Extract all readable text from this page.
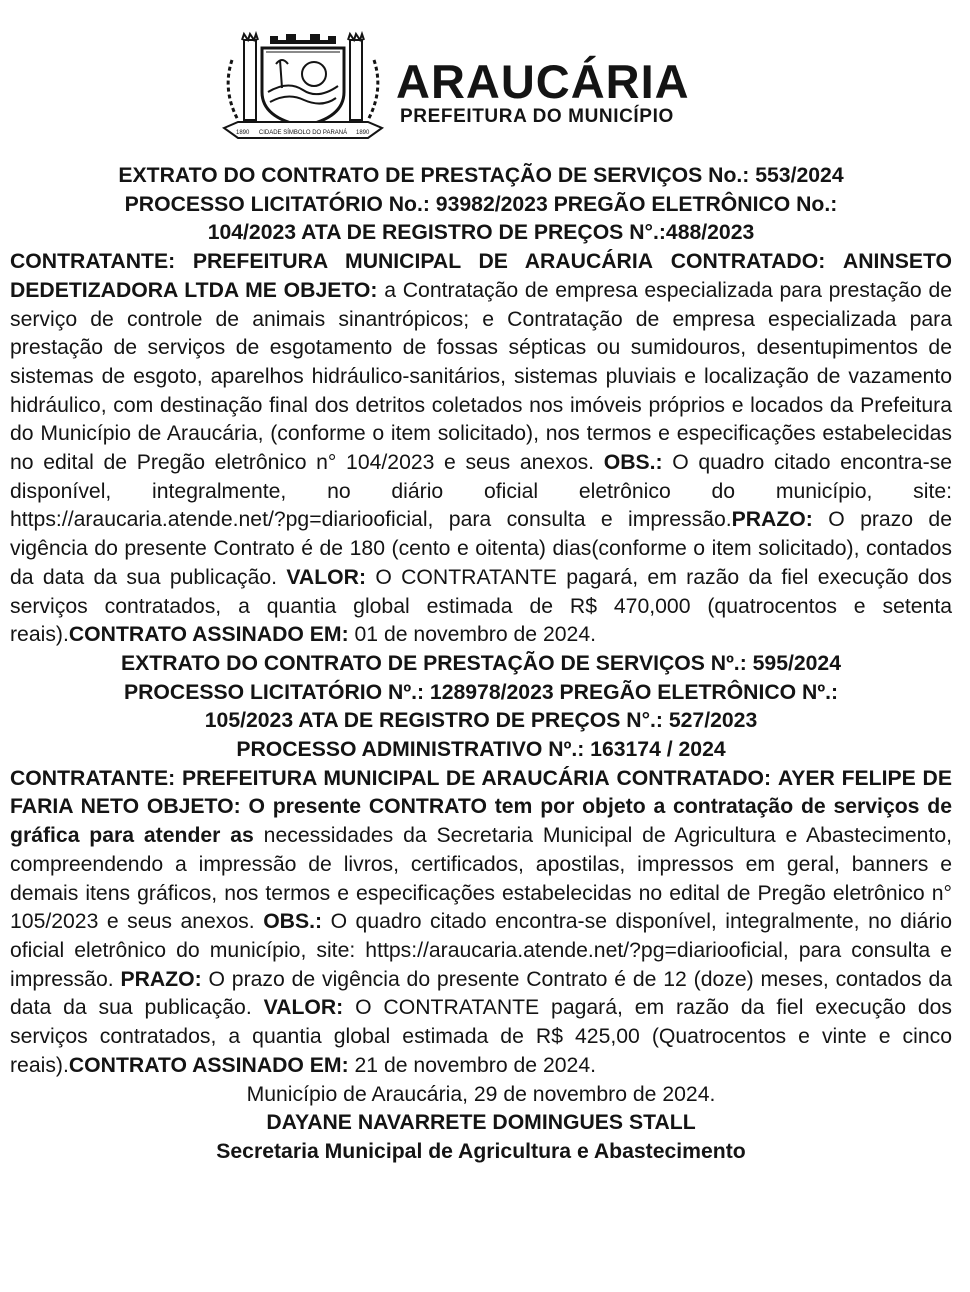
1890 CIDADE SÍMBOLO DO PARANÁ 1890
ARAUCÁRIA
PREFEITURA DO MUNICÍPIO

EXTRATO DO CONTRATO DE PRESTAÇÃO DE SERVIÇOS No.: 553/2024

PROCESSO LICITATÓRIO No.: 93982/2023 PREGÃO ELETRÔNICO No.:

104/2023 ATA DE REGISTRO DE PREÇOS N°.:488/2023

CONTRATANTE: PREFEITURA MUNICIPAL DE ARAUCÁRIA CONTRATADO: ANINSETO DEDETIZADORA LTDA ME OBJETO: a Contratação de empresa especializada para prestação de serviço de controle de animais sinantrópicos; e Contratação de empresa especializada para prestação de serviços de esgotamento de fossas sépticas ou sumidouros, desentupimentos de sistemas de esgoto, aparelhos hidráulico-sanitários, sistemas pluviais e localização de vazamento hidráulico, com destinação final dos detritos coletados nos imóveis próprios e locados da Prefeitura do Município de Araucária, (conforme o item solicitado), nos termos e especificações estabelecidas no edital de Pregão eletrônico n° 104/2023 e seus anexos. OBS.: O quadro citado encontra-se disponível, integralmente, no diário oficial eletrônico do município, site: https://araucaria.atende.net/?pg=diariooficial, para consulta e impressão.PRAZO: O prazo de vigência do presente Contrato é de 180 (cento e oitenta) dias(conforme o item solicitado), contados da data da sua publicação. VALOR: O CONTRATANTE pagará, em razão da fiel execução dos serviços contratados, a quantia global estimada de R$ 470,000 (quatrocentos e setenta reais).CONTRATO ASSINADO EM: 01 de novembro de 2024.

EXTRATO DO CONTRATO DE PRESTAÇÃO DE SERVIÇOS Nº.: 595/2024

PROCESSO LICITATÓRIO Nº.: 128978/2023 PREGÃO ELETRÔNICO Nº.:

105/2023 ATA DE REGISTRO DE PREÇOS N°.: 527/2023

PROCESSO ADMINISTRATIVO Nº.: 163174 / 2024

CONTRATANTE: PREFEITURA MUNICIPAL DE ARAUCÁRIA CONTRATADO: AYER FELIPE DE FARIA NETO OBJETO: O presente CONTRATO tem por objeto a contratação de serviços de gráfica para atender as necessidades da Secretaria Municipal de Agricultura e Abastecimento, compreendendo a impressão de livros, certificados, apostilas, impressos em geral, banners e demais itens gráficos, nos termos e especificações estabelecidas no edital de Pregão eletrônico n° 105/2023 e seus anexos. OBS.: O quadro citado encontra-se disponível, integralmente, no diário oficial eletrônico do município, site: https://araucaria.atende.net/?pg=diariooficial, para consulta e impressão. PRAZO: O prazo de vigência do presente Contrato é de 12 (doze) meses, contados da data da sua publicação. VALOR: O CONTRATANTE pagará, em razão da fiel execução dos serviços contratados, a quantia global estimada de R$ 425,00 (Quatrocentos e vinte e cinco reais).CONTRATO ASSINADO EM: 21 de novembro de 2024.

Município de Araucária, 29 de novembro de 2024.

DAYANE NAVARRETE DOMINGUES STALL

Secretaria Municipal de Agricultura e Abastecimento
